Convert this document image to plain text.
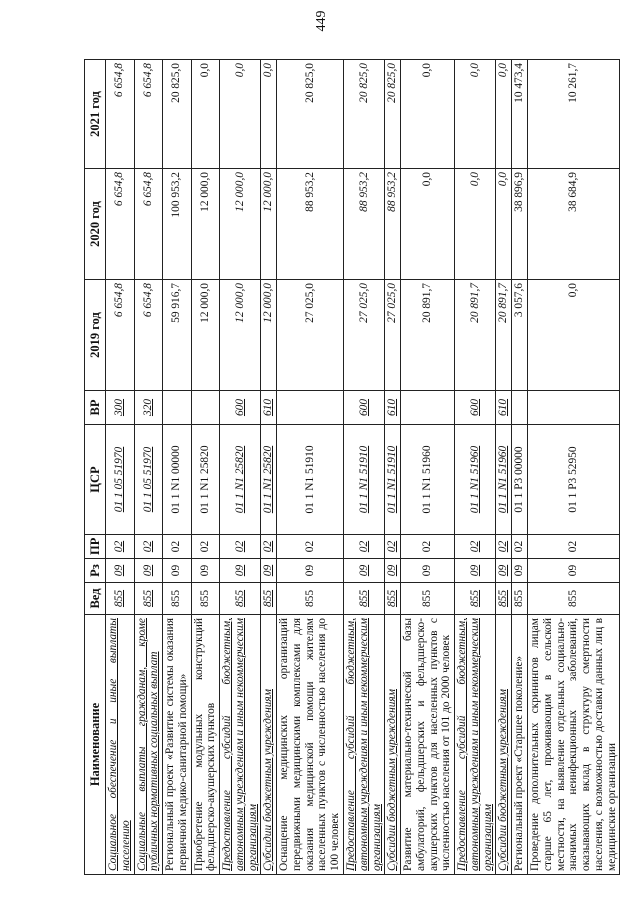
449
Наименование	Вед	Рз	ПР	ЦСР	ВР	2019 год	2020 год	2021 год
Социальное обеспечение и иные выплаты населению	855	09	02	01 1 05 51970	300	6 654,8	6 654,8	6 654,8
Социальные выплаты гражданам, кроме публичных нормативных социальных выплат	855	09	02	01 1 05 51970	320	6 654,8	6 654,8	6 654,8
Региональный проект «Развитие системы оказания первичной медико-санитарной помощи»	855	09	02	01 1 N1 00000		59 916,7	100 953,2	20 825,0
Приобретение модульных конструкций фельдшерско-акушерских пунктов	855	09	02	01 1 N1 25820		12 000,0	12 000,0	0,0
Предоставление субсидий бюджетным, автономным учреждениям и иным некоммерческим организациям	855	09	02	01 1 N1 25820	600	12 000,0	12 000,0	0,0
Субсидии бюджетным учреждениям	855	09	02	01 1 N1 25820	610	12 000,0	12 000,0	0,0
Оснащение медицинских организаций передвижными медицинскими комплексами для оказания медицинской помощи жителям населенных пунктов с численностью населения до 100 человек	855	09	02	01 1 N1 51910		27 025,0	88 953,2	20 825,0
Предоставление субсидий бюджетным, автономным учреждениям и иным некоммерческим организациям	855	09	02	01 1 N1 51910	600	27 025,0	88 953,2	20 825,0
Субсидии бюджетным учреждениям	855	09	02	01 1 N1 51910	610	27 025,0	88 953,2	20 825,0
Развитие материально-технической базы амбулаторий, фельдшерских и фельдшерско-акушерских пунктов для населенных пунктов с численностью населения от 101 до 2000 человек	855	09	02	01 1 N1 51960		20 891,7	0,0	0,0
Предоставление субсидий бюджетным, автономным учреждениям и иным некоммерческим организациям	855	09	02	01 1 N1 51960	600	20 891,7	0,0	0,0
Субсидии бюджетным учреждениям	855	09	02	01 1 N1 51960	610	20 891,7	0,0	0,0
Региональный проект «Старшее поколение»	855	09	02	01 1 P3 00000		3 057,6	38 896,9	10 473,4
Проведение дополнительных скринингов лицам старше 65 лет, проживающим в сельской местности, на выявление отдельных социально-значимых неинфекционных заболеваний, оказывающих вклад в структуру смертности населения, с возможностью доставки данных лиц в медицинские организации	855	09	02	01 1 P3 52950		0,0	38 684,9	10 261,7
